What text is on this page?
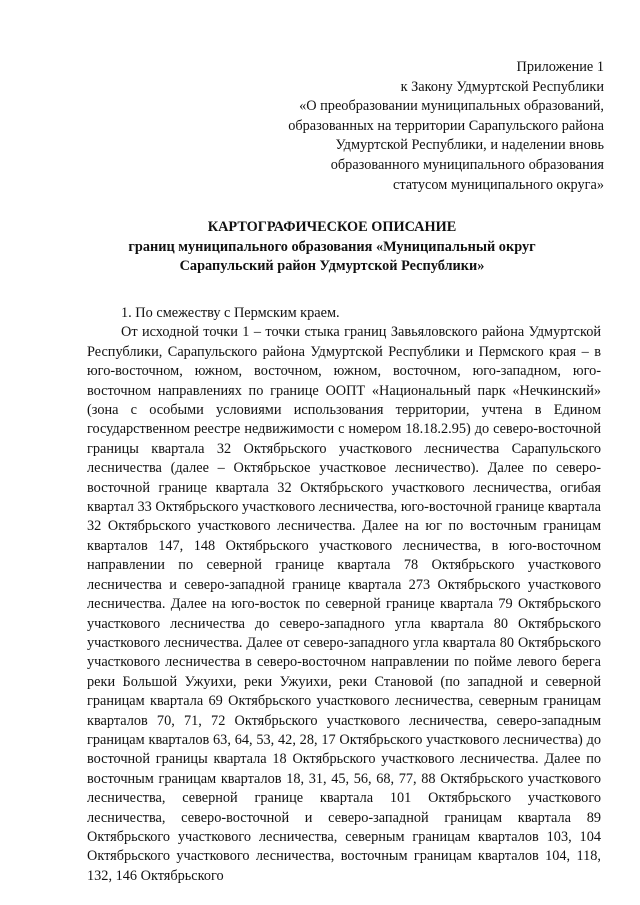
Приложение 1
к Закону Удмуртской Республики
«О преобразовании муниципальных образований,
образованных на территории Сарапульского района
Удмуртской Республики, и наделении вновь
образованного муниципального образования
статусом муниципального округа»
КАРТОГРАФИЧЕСКОЕ ОПИСАНИЕ
границ муниципального образования «Муниципальный округ
Сарапульский район Удмуртской Республики»

1. По смежеству с Пермским краем.

От исходной точки 1 – точки стыка границ Завьяловского района Удмуртской Республики, Сарапульского района Удмуртской Республики и Пермского края – в юго-восточном, южном, восточном, южном, восточном, юго-западном, юго-восточном направлениях по границе ООПТ «Национальный парк «Нечкинский» (зона с особыми условиями использования территории, учтена в Едином государственном реестре недвижимости с номером 18.18.2.95) до северо-восточной границы квартала 32 Октябрьского участкового лесничества Сарапульского лесничества (далее – Октябрьское участковое лесничество). Далее по северо-восточной границе квартала 32 Октябрьского участкового лесничества, огибая квартал 33 Октябрьского участкового лесничества, юго-восточной границе квартала 32 Октябрьского участкового лесничества. Далее на юг по восточным границам кварталов 147, 148 Октябрьского участкового лесничества, в юго-восточном направлении по северной границе квартала 78 Октябрьского участкового лесничества и северо-западной границе квартала 273 Октябрьского участкового лесничества. Далее на юго-восток по северной границе квартала 79 Октябрьского участкового лесничества до северо-западного угла квартала 80 Октябрьского участкового лесничества. Далее от северо-западного угла квартала 80 Октябрьского участкового лесничества в северо-восточном направлении по пойме левого берега реки Большой Ужуихи, реки Ужуихи, реки Становой (по западной и северной границам квартала 69 Октябрьского участкового лесничества, северным границам кварталов 70, 71, 72 Октябрьского участкового лесничества, северо-западным границам кварталов 63, 64, 53, 42, 28, 17 Октябрьского участкового лесничества) до восточной границы квартала 18 Октябрьского участкового лесничества. Далее по восточным границам кварталов 18, 31, 45, 56, 68, 77, 88 Октябрьского участкового лесничества, северной границе квартала 101 Октябрьского участкового лесничества, северо-восточной и северо-западной границам квартала 89 Октябрьского участкового лесничества, северным границам кварталов 103, 104 Октябрьского участкового лесничества, восточным границам кварталов 104, 118, 132, 146 Октябрьского
